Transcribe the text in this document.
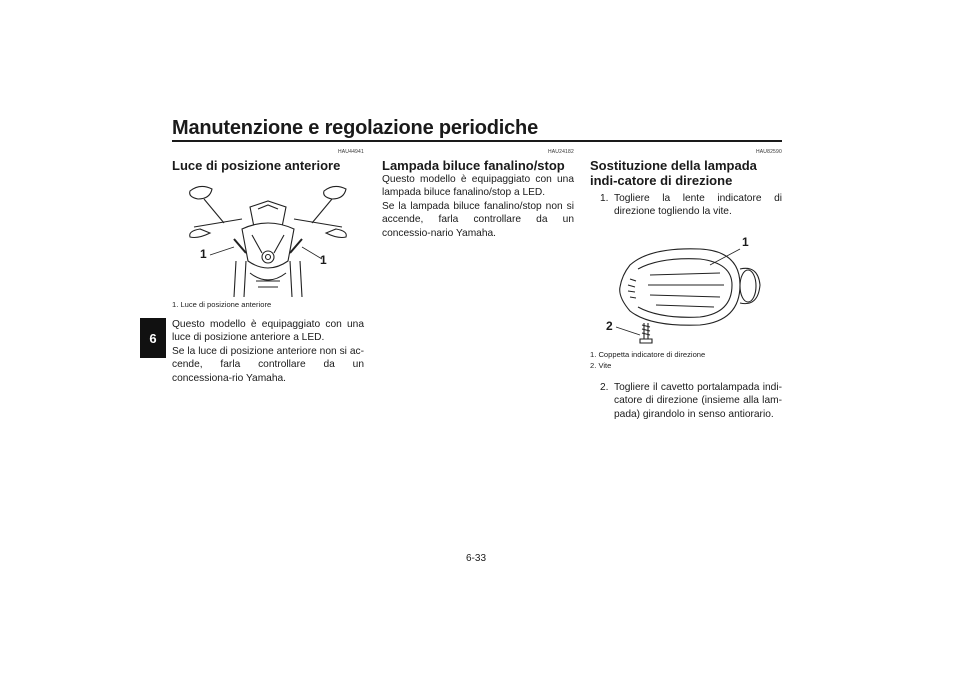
Manutenzione e regolazione periodiche
6
HAU44941
Luce di posizione anteriore
1	1
1. Luce di posizione anteriore

Questo modello è equipaggiato con una luce di posizione anteriore a LED.

Se la luce di posizione anteriore non si ac-cende, farla controllare da un concessiona-rio Yamaha.

HAU24182
Lampada biluce fanalino/stop

Questo modello è equipaggiato con una lampada biluce fanalino/stop a LED.

Se la lampada biluce fanalino/stop non si accende, farla controllare da un concessio-nario Yamaha.

HAU82590
Sostituzione della lampada indi-catore di direzione
1. Togliere la lente indicatore di direzione togliendo la vite.
1
2
1. Coppetta indicatore di direzione
2. Vite
2. Togliere il cavetto portalampada indi-catore di direzione (insieme alla lam-pada) girandolo in senso antiorario.
6-33
